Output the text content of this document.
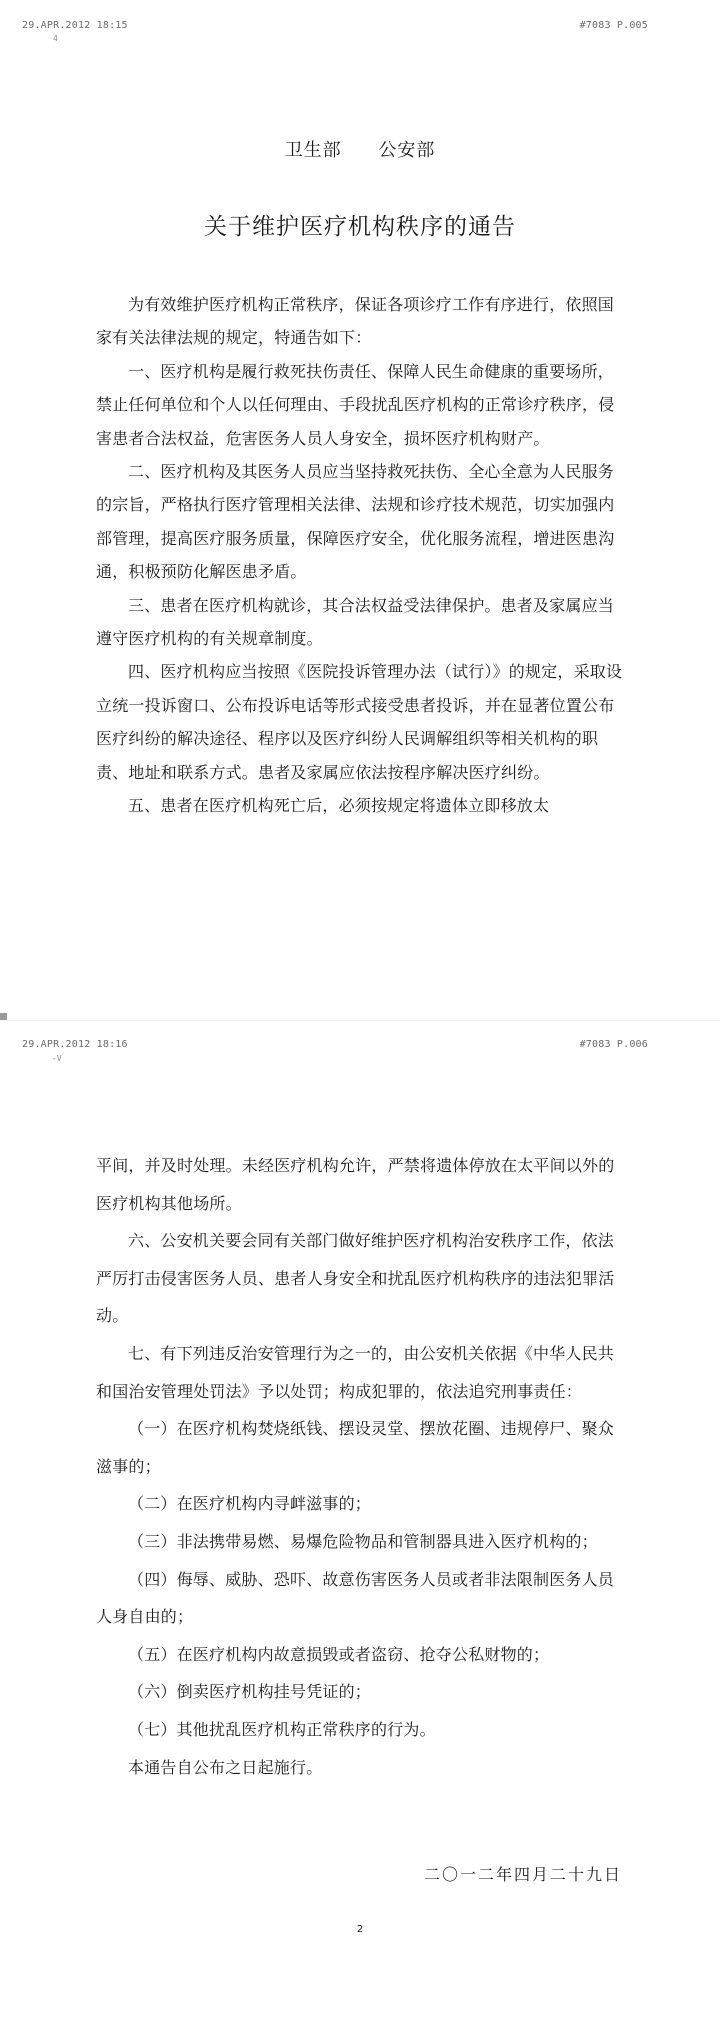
29.APR.2012 18:15	#7083 P.005
4
卫生部 公安部
关于维护医疗机构秩序的通告

为有效维护医疗机构正常秩序，保证各项诊疗工作有序进行，依照国家有关法律法规的规定，特通告如下：

一、医疗机构是履行救死扶伤责任、保障人民生命健康的重要场所，禁止任何单位和个人以任何理由、手段扰乱医疗机构的正常诊疗秩序，侵害患者合法权益，危害医务人员人身安全，损坏医疗机构财产。

二、医疗机构及其医务人员应当坚持救死扶伤、全心全意为人民服务的宗旨，严格执行医疗管理相关法律、法规和诊疗技术规范，切实加强内部管理，提高医疗服务质量，保障医疗安全，优化服务流程，增进医患沟通，积极预防化解医患矛盾。

三、患者在医疗机构就诊，其合法权益受法律保护。患者及家属应当遵守医疗机构的有关规章制度。

四、医疗机构应当按照《医院投诉管理办法（试行）》的规定，采取设立统一投诉窗口、公布投诉电话等形式接受患者投诉，并在显著位置公布医疗纠纷的解决途径、程序以及医疗纠纷人民调解组织等相关机构的职责、地址和联系方式。患者及家属应依法按程序解决医疗纠纷。

五、患者在医疗机构死亡后，必须按规定将遗体立即移放太

29.APR.2012 18:16	#7083 P.006
-V

平间，并及时处理。未经医疗机构允许，严禁将遗体停放在太平间以外的医疗机构其他场所。

六、公安机关要会同有关部门做好维护医疗机构治安秩序工作，依法严厉打击侵害医务人员、患者人身安全和扰乱医疗机构秩序的违法犯罪活动。

七、有下列违反治安管理行为之一的，由公安机关依据《中华人民共和国治安管理处罚法》予以处罚；构成犯罪的，依法追究刑事责任：

（一）在医疗机构焚烧纸钱、摆设灵堂、摆放花圈、违规停尸、聚众滋事的；

（二）在医疗机构内寻衅滋事的；

（三）非法携带易燃、易爆危险物品和管制器具进入医疗机构的；

（四）侮辱、威胁、恐吓、故意伤害医务人员或者非法限制医务人员人身自由的；

（五）在医疗机构内故意损毁或者盗窃、抢夺公私财物的；

（六）倒卖医疗机构挂号凭证的；

（七）其他扰乱医疗机构正常秩序的行为。

本通告自公布之日起施行。

二〇一二年四月二十九日
2
